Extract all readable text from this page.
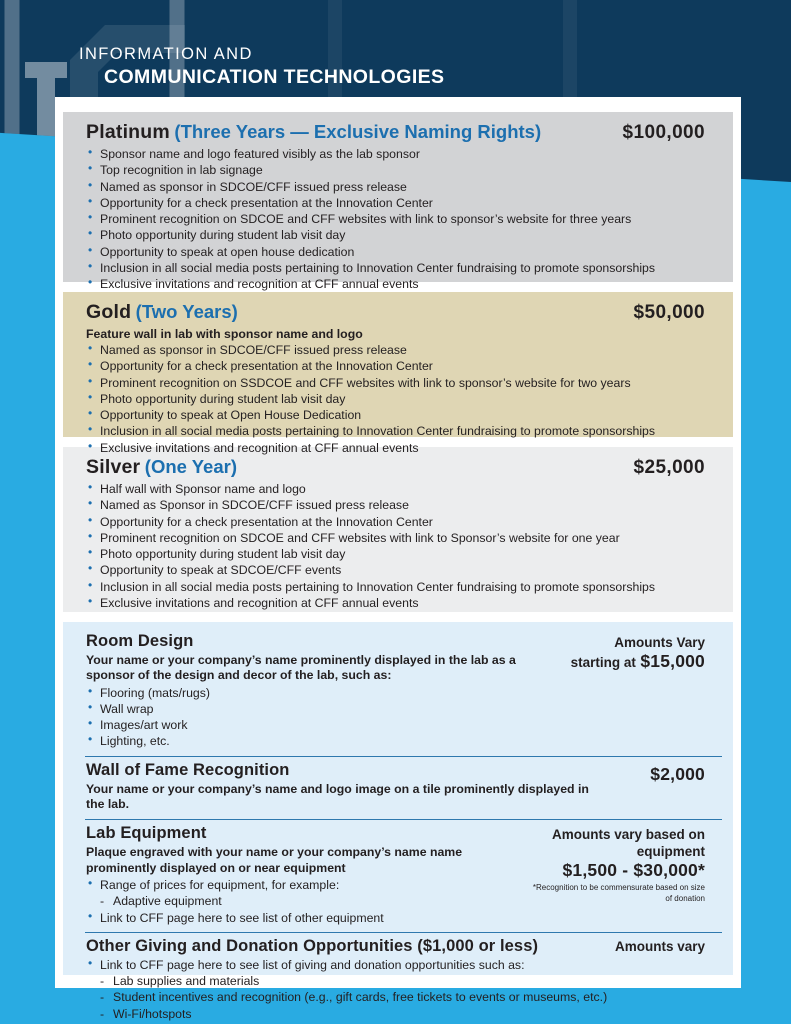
INFORMATION AND
COMMUNICATION TECHNOLOGIES
Platinum (Three Years — Exclusive Naming Rights)	$100,000
• Sponsor name and logo featured visibly as the lab sponsor
• Top recognition in lab signage
• Named as sponsor in SDCOE/CFF issued press release
• Opportunity for a check presentation at the Innovation Center
• Prominent recognition on SDCOE and CFF websites with link to sponsor’s website for three years
• Photo opportunity during student lab visit day
• Opportunity to speak at open house dedication
• Inclusion in all social media posts pertaining to Innovation Center fundraising to promote sponsorships
• Exclusive invitations and recognition at CFF annual events
Gold (Two Years)	$50,000
Feature wall in lab with sponsor name and logo
• Named as sponsor in SDCOE/CFF issued press release
• Opportunity for a check presentation at the Innovation Center
• Prominent recognition on SSDCOE and CFF websites with link to sponsor’s website for two years
• Photo opportunity during student lab visit day
• Opportunity to speak at Open House Dedication
• Inclusion in all social media posts pertaining to Innovation Center fundraising to promote sponsorships
• Exclusive invitations and recognition at CFF annual events
Silver (One Year)	$25,000
• Half wall with Sponsor name and logo
• Named as Sponsor in SDCOE/CFF issued press release
• Opportunity for a check presentation at the Innovation Center
• Prominent recognition on SDCOE and CFF websites with link to Sponsor’s website for one year
• Photo opportunity during student lab visit day
• Opportunity to speak at SDCOE/CFF events
• Inclusion in all social media posts pertaining to Innovation Center fundraising to promote sponsorships
• Exclusive invitations and recognition at CFF annual events
Room Design

Your name or your company’s name prominently displayed in the lab as a sponsor of the design and decor of the lab, such as:

• Flooring (mats/rugs)
• Wall wrap
• Images/art work
• Lighting, etc.
Amounts Vary
starting at $15,000
Wall of Fame Recognition

Your name or your company’s name and logo image on a tile prominently displayed in the lab.

$2,000
Lab Equipment

Plaque engraved with your name or your company’s name name prominently displayed on or near equipment

• Range of prices for equipment, for example:
- Adaptive equipment
• Link to CFF page here to see list of other equipment
Amounts vary based on equipment
$1,500 - $30,000*
*Recognition to be commensurate based on size of donation
Other Giving and Donation Opportunities ($1,000 or less)	Amounts vary
• Link to CFF page here to see list of giving and donation opportunities such as:
- Lab supplies and materials
- Student incentives and recognition (e.g., gift cards, free tickets to events or museums, etc.)
- Wi-Fi/hotspots
